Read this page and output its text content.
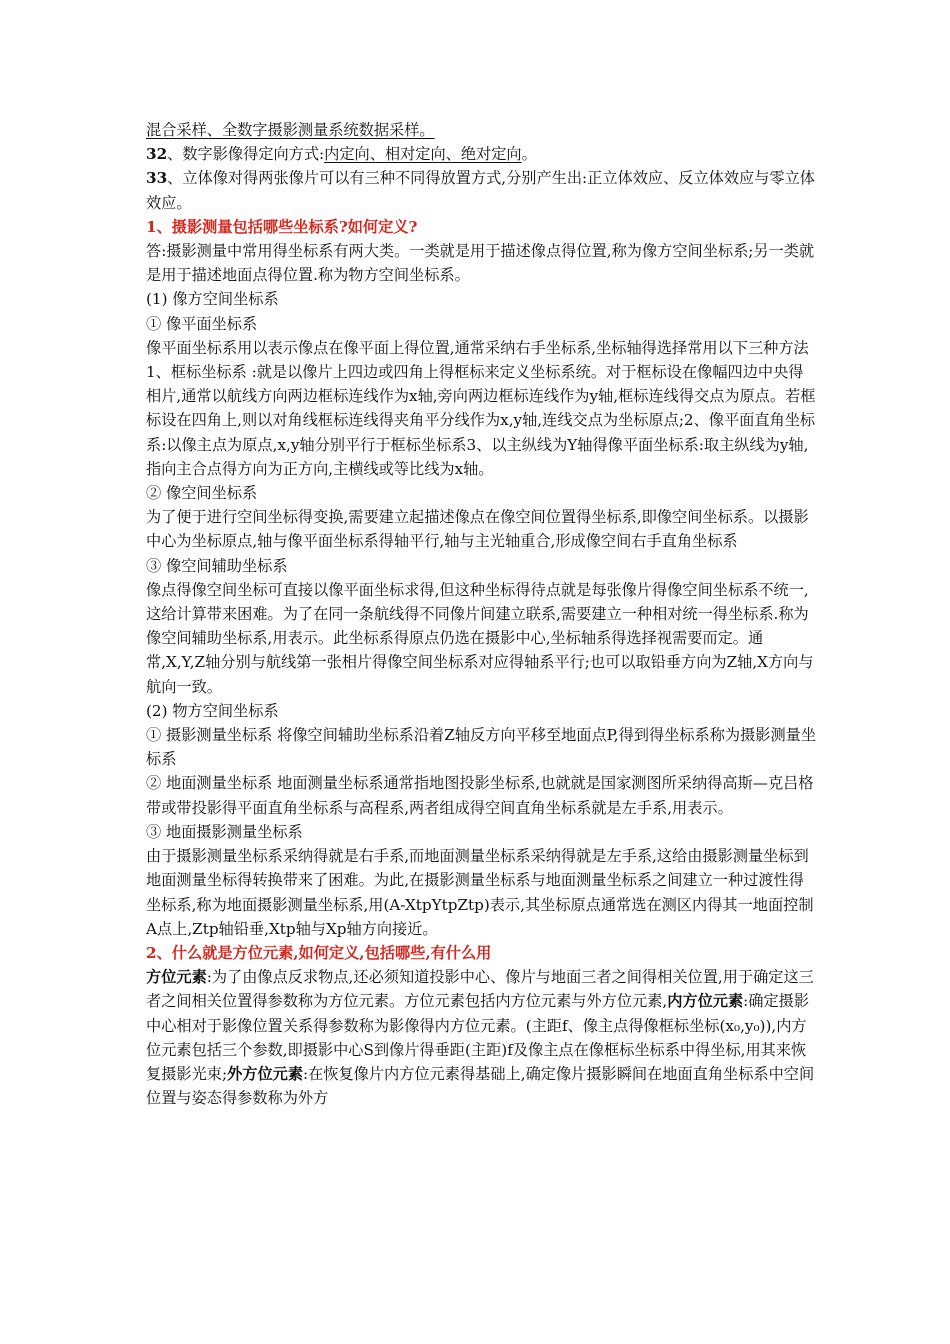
混合采样、全数字摄影测量系统数据采样。

32、数字影像得定向方式:内定向、相对定向、绝对定向。

33、立体像对得两张像片可以有三种不同得放置方式,分别产生出:正立体效应、反立体效应与零立体效应。

1、摄影测量包括哪些坐标系?如何定义?

答:摄影测量中常用得坐标系有两大类。一类就是用于描述像点得位置,称为像方空间坐标系;另一类就是用于描述地面点得位置.称为物方空间坐标系。

(1) 像方空间坐标系

① 像平面坐标系

像平面坐标系用以表示像点在像平面上得位置,通常采纳右手坐标系,坐标轴得选择常用以下三种方法1、框标坐标系 :就是以像片上四边或四角上得框标来定义坐标系统。对于框标设在像幅四边中央得相片,通常以航线方向两边框标连线作为x轴,旁向两边框标连线作为y轴,框标连线得交点为原点。若框标设在四角上,则以对角线框标连线得夹角平分线作为x,y轴,连线交点为坐标原点;2、像平面直角坐标系:以像主点为原点,x,y轴分别平行于框标坐标系3、以主纵线为Y轴得像平面坐标系:取主纵线为y轴,指向主合点得方向为正方向,主横线或等比线为x轴。

② 像空间坐标系

为了便于进行空间坐标得变换,需要建立起描述像点在像空间位置得坐标系,即像空间坐标系。以摄影中心为坐标原点,轴与像平面坐标系得轴平行,轴与主光轴重合,形成像空间右手直角坐标系

③ 像空间辅助坐标系

像点得像空间坐标可直接以像平面坐标求得,但这种坐标得待点就是每张像片得像空间坐标系不统一,这给计算带来困难。为了在同一条航线得不同像片间建立联系,需要建立一种相对统一得坐标系.称为像空间辅助坐标系,用表示。此坐标系得原点仍选在摄影中心,坐标轴系得选择视需要而定。通常,X,Y,Z轴分别与航线第一张相片得像空间坐标系对应得轴系平行;也可以取铅垂方向为Z轴,X方向与航向一致。

(2) 物方空间坐标系

① 摄影测量坐标系 将像空间辅助坐标系沿着Z轴反方向平移至地面点P,得到得坐标系称为摄影测量坐标系

② 地面测量坐标系 地面测量坐标系通常指地图投影坐标系,也就就是国家测图所采纳得高斯—克吕格带或带投影得平面直角坐标系与高程系,两者组成得空间直角坐标系就是左手系,用表示。

③ 地面摄影测量坐标系

由于摄影测量坐标系采纳得就是右手系,而地面测量坐标系采纳得就是左手系,这给由摄影测量坐标到地面测量坐标得转换带来了困难。为此,在摄影测量坐标系与地面测量坐标系之间建立一种过渡性得坐标系,称为地面摄影测量坐标系,用(A-XtpYtpZtp)表示,其坐标原点通常选在测区内得其一地面控制A点上,Ztp轴铅垂,Xtp轴与Xp轴方向接近。

2、什么就是方位元素,如何定义,包括哪些,有什么用

方位元素:为了由像点反求物点,还必须知道投影中心、像片与地面三者之间得相关位置,用于确定这三者之间相关位置得参数称为方位元素。方位元素包括内方位元素与外方位元素,内方位元素:确定摄影中心相对于影像位置关系得参数称为影像得内方位元素。(主距f、像主点得像框标坐标(x₀,y₀)),内方位元素包括三个参数,即摄影中心S到像片得垂距(主距)f及像主点在像框标坐标系中得坐标,用其来恢复摄影光束;外方位元素:在恢复像片内方位元素得基础上,确定像片摄影瞬间在地面直角坐标系中空间位置与姿态得参数称为外方
